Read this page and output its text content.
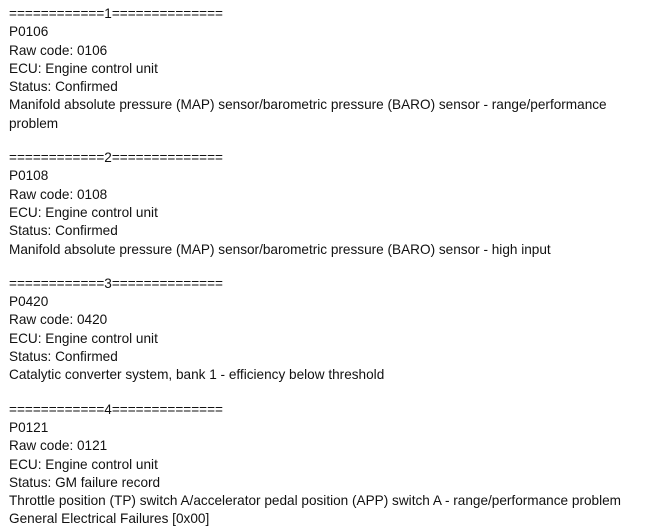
============1==============
P0106
Raw code: 0106
ECU: Engine control unit
Status: Confirmed
Manifold absolute pressure (MAP) sensor/barometric pressure (BARO) sensor - range/performance problem
============2==============
P0108
Raw code: 0108
ECU: Engine control unit
Status: Confirmed
Manifold absolute pressure (MAP) sensor/barometric pressure (BARO) sensor - high input
============3==============
P0420
Raw code: 0420
ECU: Engine control unit
Status: Confirmed
Catalytic converter system, bank 1 - efficiency below threshold
============4==============
P0121
Raw code: 0121
ECU: Engine control unit
Status: GM failure record
Throttle position (TP) switch A/accelerator pedal position (APP) switch A - range/performance problem
General Electrical Failures [0x00]
